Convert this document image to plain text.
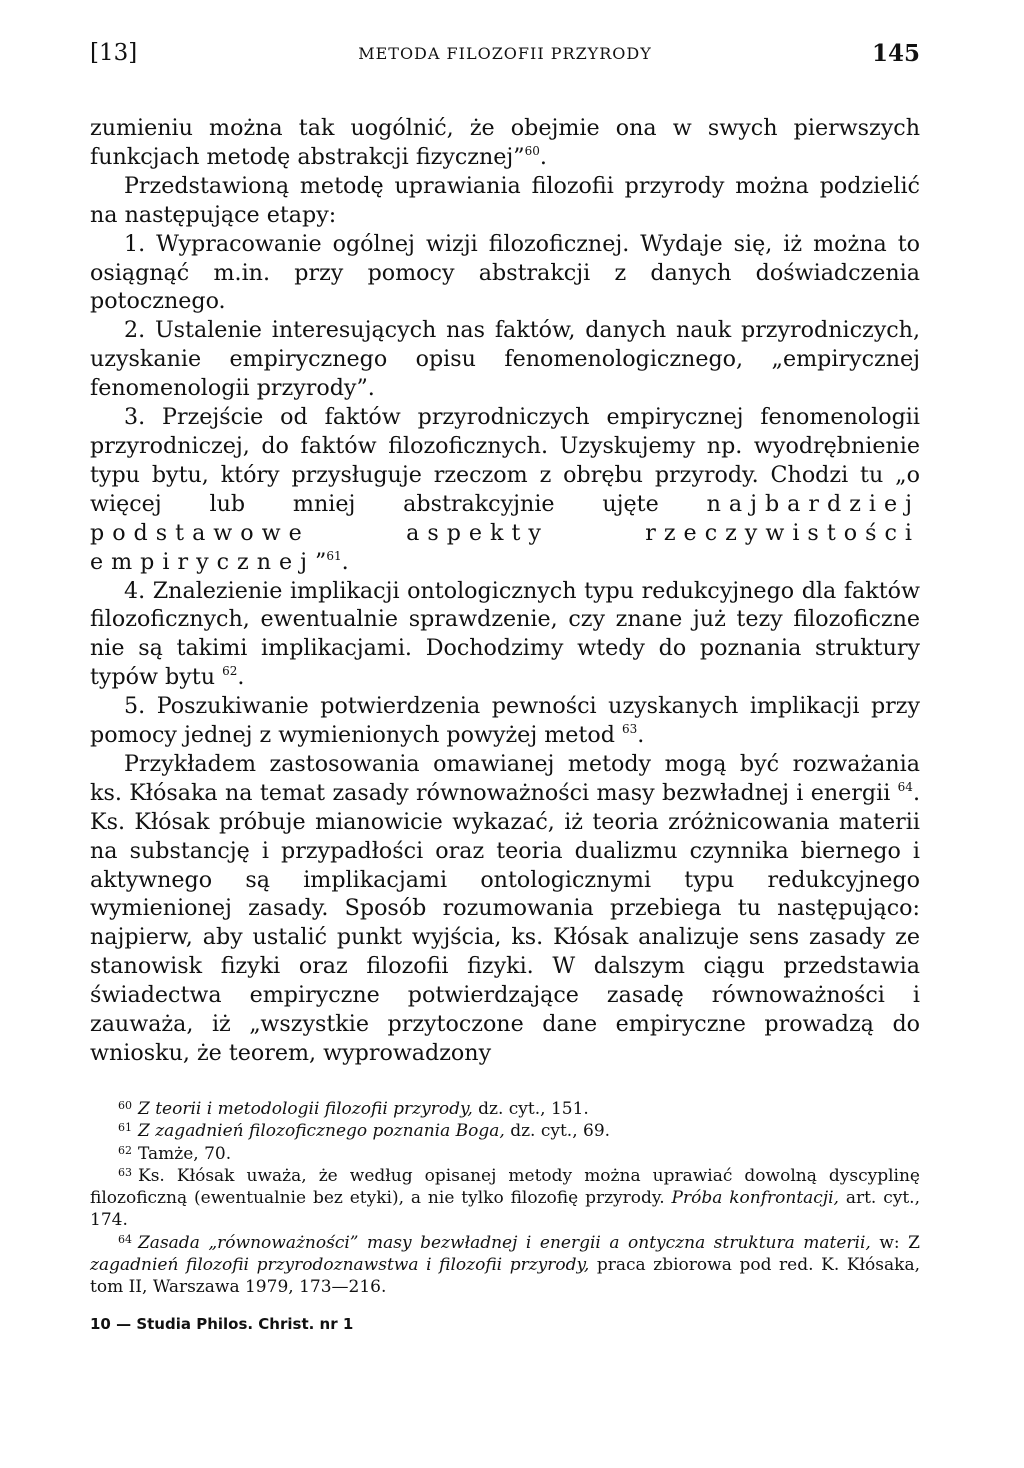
[13]	METODA FILOZOFII PRZYRODY	145

zumieniu można tak uogólnić, że obejmie ona w swych pierwszych funkcjach metodę abstrakcji fizycznej”$^{60}$.

Przedstawioną metodę uprawiania filozofii przyrody można podzielić na następujące etapy:

1. Wypracowanie ogólnej wizji filozoficznej. Wydaje się, iż można to osiągnąć m.in. przy pomocy abstrakcji z danych doświadczenia potocznego.

2. Ustalenie interesujących nas faktów, danych nauk przyrodniczych, uzyskanie empirycznego opisu fenomenologicznego, „empirycznej fenomenologii przyrody”.

3. Przejście od faktów przyrodniczych empirycznej fenomenologii przyrodniczej, do faktów filozoficznych. Uzyskujemy np. wyodrębnienie typu bytu, który przysługuje rzeczom z obrębu przyrody. Chodzi tu „o więcej lub mniej abstrakcyjnie ujęte najbardziej podstawowe aspekty rzeczywistości empirycznej”$^{61}$.

4. Znalezienie implikacji ontologicznych typu redukcyjnego dla faktów filozoficznych, ewentualnie sprawdzenie, czy znane już tezy filozoficzne nie są takimi implikacjami. Dochodzimy wtedy do poznania struktury typów bytu $^{62}$.

5. Poszukiwanie potwierdzenia pewności uzyskanych implikacji przy pomocy jednej z wymienionych powyżej metod $^{63}$.

Przykładem zastosowania omawianej metody mogą być rozważania ks. Kłósaka na temat zasady równoważności masy bezwładnej i energii $^{64}$. Ks. Kłósak próbuje mianowicie wykazać, iż teoria zróżnicowania materii na substancję i przypadłości oraz teoria dualizmu czynnika biernego i aktywnego są implikacjami ontologicznymi typu redukcyjnego wymienionej zasady. Sposób rozumowania przebiega tu następująco: najpierw, aby ustalić punkt wyjścia, ks. Kłósak analizuje sens zasady ze stanowisk fizyki oraz filozofii fizyki. W dalszym ciągu przedstawia świadectwa empiryczne potwierdzające zasadę równoważności i zauważa, iż „wszystkie przytoczone dane empiryczne prowadzą do wniosku, że teorem, wyprowadzony

$^{60}$ Z teorii i metodologii filozofii przyrody, dz. cyt., 151.

$^{61}$ Z zagadnień filozoficznego poznania Boga, dz. cyt., 69.

$^{62}$ Tamże, 70.

$^{63}$ Ks. Kłósak uważa, że według opisanej metody można uprawiać dowolną dyscyplinę filozoficzną (ewentualnie bez etyki), a nie tylko filozofię przyrody. Próba konfrontacji, art. cyt., 174.

$^{64}$ Zasada „równoważności” masy bezwładnej i energii a ontyczna struktura materii, w: Z zagadnień filozofii przyrodoznawstwa i filozofii przyrody, praca zbiorowa pod red. K. Kłósaka, tom II, Warszawa 1979, 173—216.

10 — Studia Philos. Christ. nr 1
